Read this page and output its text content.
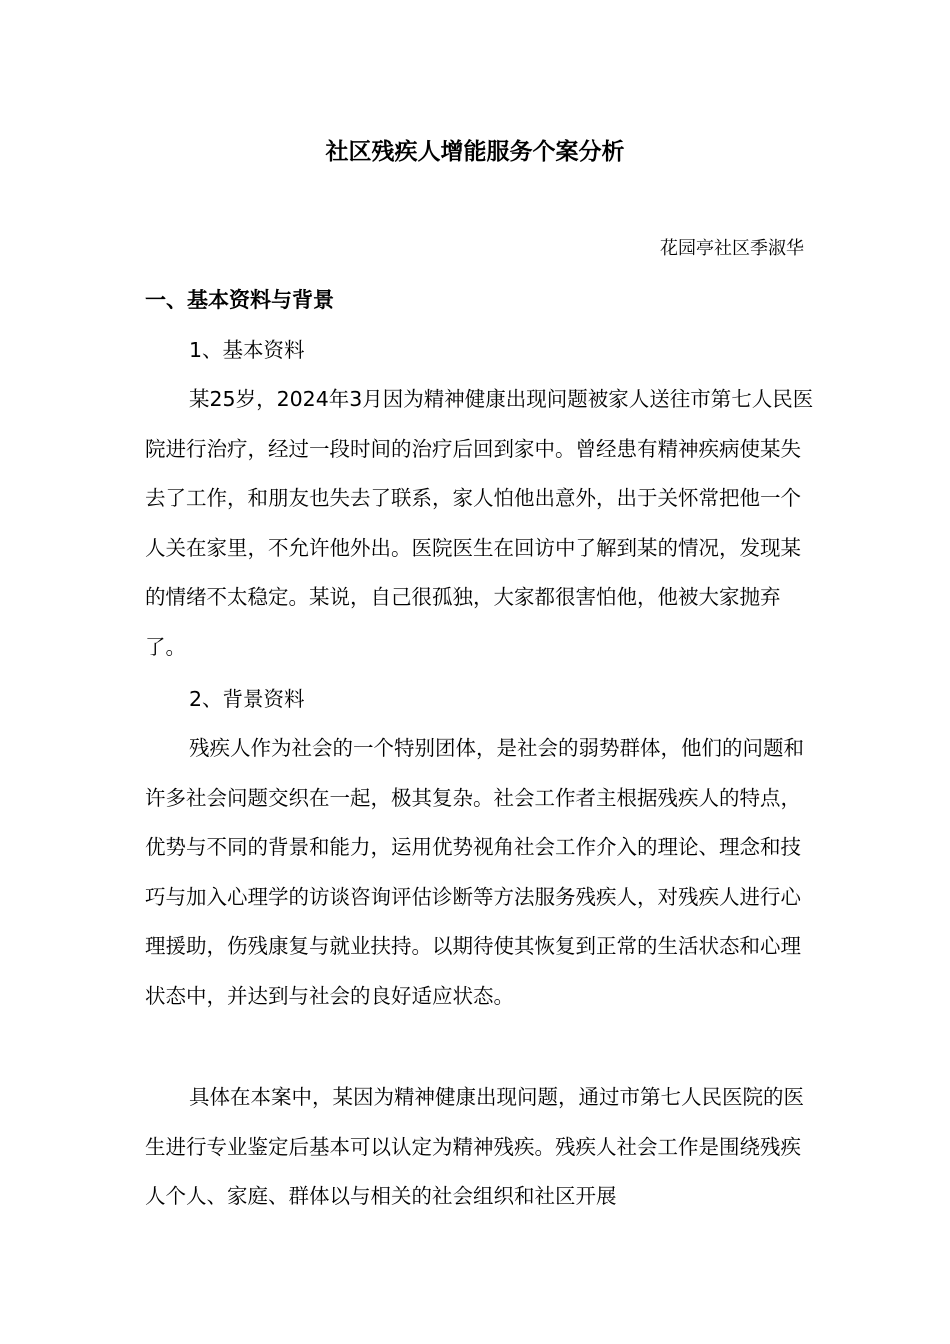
社区残疾人增能服务个案分析
花园亭社区季淑华
一、基本资料与背景
1、基本资料

某25岁，2024年3月因为精神健康出现问题被家人送往市第七人民医院进行治疗，经过一段时间的治疗后回到家中。曾经患有精神疾病使某失去了工作，和朋友也失去了联系，家人怕他出意外，出于关怀常把他一个人关在家里，不允许他外出。医院医生在回访中了解到某的情况，发现某的情绪不太稳定。某说，自己很孤独，大家都很害怕他，他被大家抛弃了。

2、背景资料

残疾人作为社会的一个特别团体，是社会的弱势群体，他们的问题和许多社会问题交织在一起，极其复杂。社会工作者主根据残疾人的特点，优势与不同的背景和能力，运用优势视角社会工作介入的理论、理念和技巧与加入心理学的访谈咨询评估诊断等方法服务残疾人，对残疾人进行心理援助，伤残康复与就业扶持。以期待使其恢复到正常的生活状态和心理状态中，并达到与社会的良好适应状态。

具体在本案中，某因为精神健康出现问题，通过市第七人民医院的医生进行专业鉴定后基本可以认定为精神残疾。残疾人社会工作是围绕残疾人个人、家庭、群体以与相关的社会组织和社区开展
